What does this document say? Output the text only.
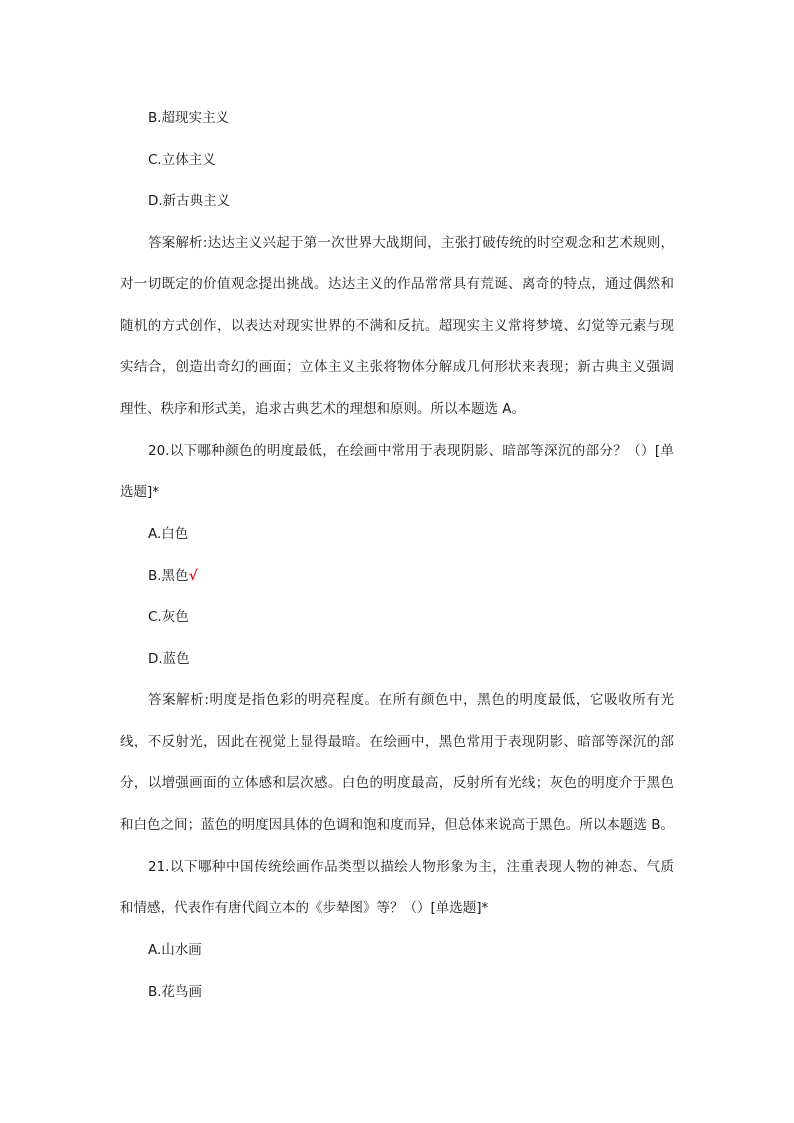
B.超现实主义
C.立体主义
D.新古典主义
答案解析:达达主义兴起于第一次世界大战期间，主张打破传统的时空观念和艺术规则，
对一切既定的价值观念提出挑战。达达主义的作品常常具有荒诞、离奇的特点，通过偶然和
随机的方式创作，以表达对现实世界的不满和反抗。超现实主义常将梦境、幻觉等元素与现
实结合，创造出奇幻的画面；立体主义主张将物体分解成几何形状来表现；新古典主义强调
理性、秩序和形式美，追求古典艺术的理想和原则。所以本题选 A。
20.以下哪种颜色的明度最低，在绘画中常用于表现阴影、暗部等深沉的部分？（）[单
选题]*
A.白色
B.黑色√
C.灰色
D.蓝色
答案解析:明度是指色彩的明亮程度。在所有颜色中，黑色的明度最低，它吸收所有光
线，不反射光，因此在视觉上显得最暗。在绘画中，黑色常用于表现阴影、暗部等深沉的部
分，以增强画面的立体感和层次感。白色的明度最高，反射所有光线；灰色的明度介于黑色
和白色之间；蓝色的明度因具体的色调和饱和度而异，但总体来说高于黑色。所以本题选 B。
21.以下哪种中国传统绘画作品类型以描绘人物形象为主，注重表现人物的神态、气质
和情感，代表作有唐代阎立本的《步辇图》等？（）[单选题]*
A.山水画
B.花鸟画
